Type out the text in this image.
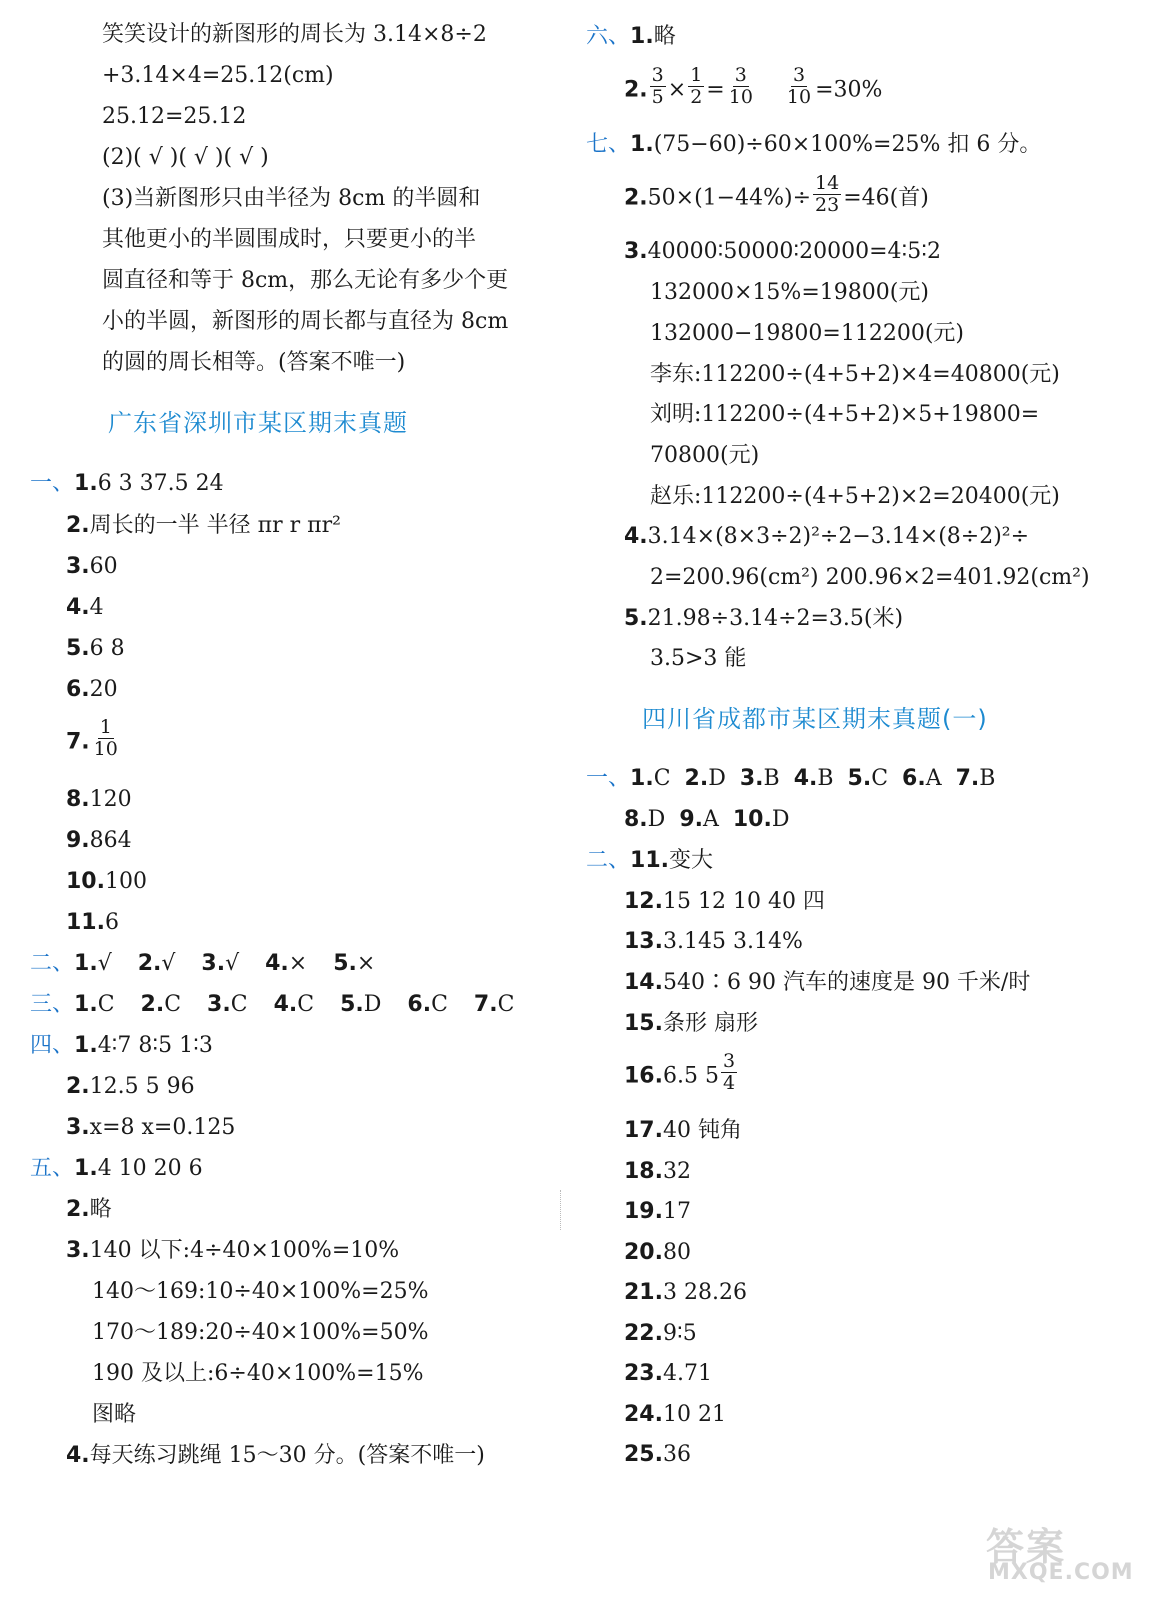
笑笑设计的新图形的周长为 3.14×8÷2
+3.14×4=25.12(cm)
25.12=25.12
(2)( √ )( √ )( √ )
(3)当新图形只由半径为 8cm 的半圆和
其他更小的半圆围成时，只要更小的半
圆直径和等于 8cm，那么无论有多少个更
小的半圆，新图形的周长都与直径为 8cm
的圆的周长相等。(答案不唯一)
广东省深圳市某区期末真题
一、1.6 3 37.5 24
2.周长的一半 半径 πr r πr²
3.60
4.4
5.6 8
6.20
7. $\frac{1}{10}$
8.120
9.864
10.100
11.6
二、1.√ 2.√ 3.√ 4.× 5.×
三、1.C 2.C 3.C 4.C 5.D 6.C 7.C
四、1.4∶7 8∶5 1∶3
2.12.5 5 96
3.x=8 x=0.125
五、1.4 10 20 6
2.略
3.140 以下:4÷40×100%=10%
140～169:10÷40×100%=25%
170～189:20÷40×100%=50%
190 及以上:6÷40×100%=15%
图略
4.每天练习跳绳 15～30 分。(答案不唯一)
六、1.略
2. $\frac{3}{5} \times \frac{1}{2} = \frac{3}{10} \frac{3}{10} =30\%$
七、1.(75−60)÷60×100%=25% 扣 6 分。
$2.50\times(1-44\%)\div \frac{14}{23} =46$(首)
3.40000∶50000∶20000=4∶5∶2
132000×15%=19800(元)
132000−19800=112200(元)
李东:112200÷(4+5+2)×4=40800(元)
刘明:112200÷(4+5+2)×5+19800=
70800(元)
赵乐:112200÷(4+5+2)×2=20400(元)
4.3.14×(8×3÷2)²÷2−3.14×(8÷2)²÷
2=200.96(cm²) 200.96×2=401.92(cm²)
5.21.98÷3.14÷2=3.5(米)
3.5>3 能
四川省成都市某区期末真题(一)
一、1.C 2.D 3.B 4.B 5.C 6.A 7.B
8.D 9.A 10.D
二、11.变大
12.15 12 10 40 四
13.3.145 3.14%
14.540∶6 90 汽车的速度是 90 千米/时
15.条形 扇形
16.6.5 $5 \frac{3}{4}$
17.40 钝角
18.32
19.17
20.80
21.3 28.26
22.9∶5
23.4.71
24.10 21
25.36
答案
MXQE.COM
